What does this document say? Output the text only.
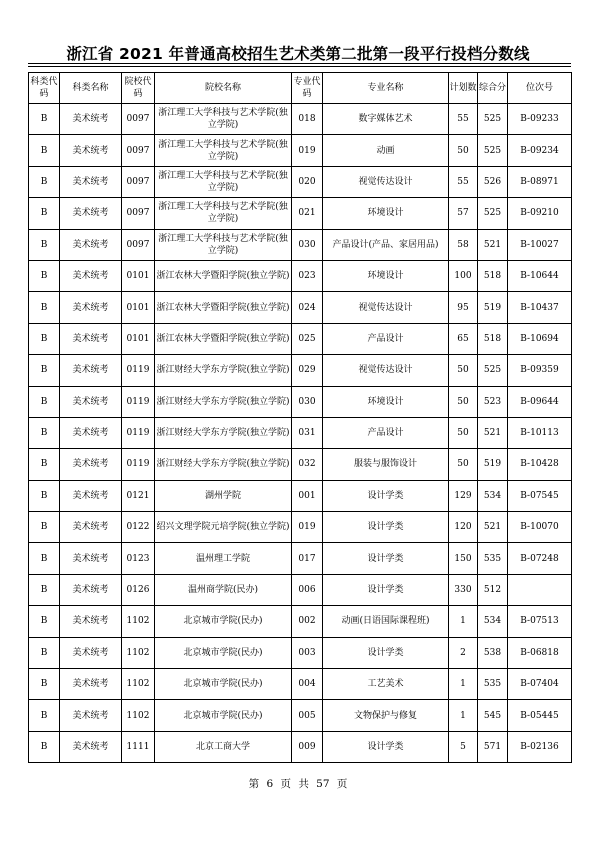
浙江省 2021 年普通高校招生艺术类第二批第一段平行投档分数线
科类代码	科类名称	院校代码	院校名称	专业代码	专业名称	计划数	综合分	位次号
B	美术统考	0097	浙江理工大学科技与艺术学院(独立学院)	018	数字媒体艺术	55	525	B-09233
B	美术统考	0097	浙江理工大学科技与艺术学院(独立学院)	019	动画	50	525	B-09234
B	美术统考	0097	浙江理工大学科技与艺术学院(独立学院)	020	视觉传达设计	55	526	B-08971
B	美术统考	0097	浙江理工大学科技与艺术学院(独立学院)	021	环境设计	57	525	B-09210
B	美术统考	0097	浙江理工大学科技与艺术学院(独立学院)	030	产品设计(产品、家居用品)	58	521	B-10027
B	美术统考	0101	浙江农林大学暨阳学院(独立学院)	023	环境设计	100	518	B-10644
B	美术统考	0101	浙江农林大学暨阳学院(独立学院)	024	视觉传达设计	95	519	B-10437
B	美术统考	0101	浙江农林大学暨阳学院(独立学院)	025	产品设计	65	518	B-10694
B	美术统考	0119	浙江财经大学东方学院(独立学院)	029	视觉传达设计	50	525	B-09359
B	美术统考	0119	浙江财经大学东方学院(独立学院)	030	环境设计	50	523	B-09644
B	美术统考	0119	浙江财经大学东方学院(独立学院)	031	产品设计	50	521	B-10113
B	美术统考	0119	浙江财经大学东方学院(独立学院)	032	服装与服饰设计	50	519	B-10428
B	美术统考	0121	湖州学院	001	设计学类	129	534	B-07545
B	美术统考	0122	绍兴文理学院元培学院(独立学院)	019	设计学类	120	521	B-10070
B	美术统考	0123	温州理工学院	017	设计学类	150	535	B-07248
B	美术统考	0126	温州商学院(民办)	006	设计学类	330	512	
B	美术统考	1102	北京城市学院(民办)	002	动画(日语国际课程班)	1	534	B-07513
B	美术统考	1102	北京城市学院(民办)	003	设计学类	2	538	B-06818
B	美术统考	1102	北京城市学院(民办)	004	工艺美术	1	535	B-07404
B	美术统考	1102	北京城市学院(民办)	005	文物保护与修复	1	545	B-05445
B	美术统考	1111	北京工商大学	009	设计学类	5	571	B-02136
第 6 页 共 57 页
